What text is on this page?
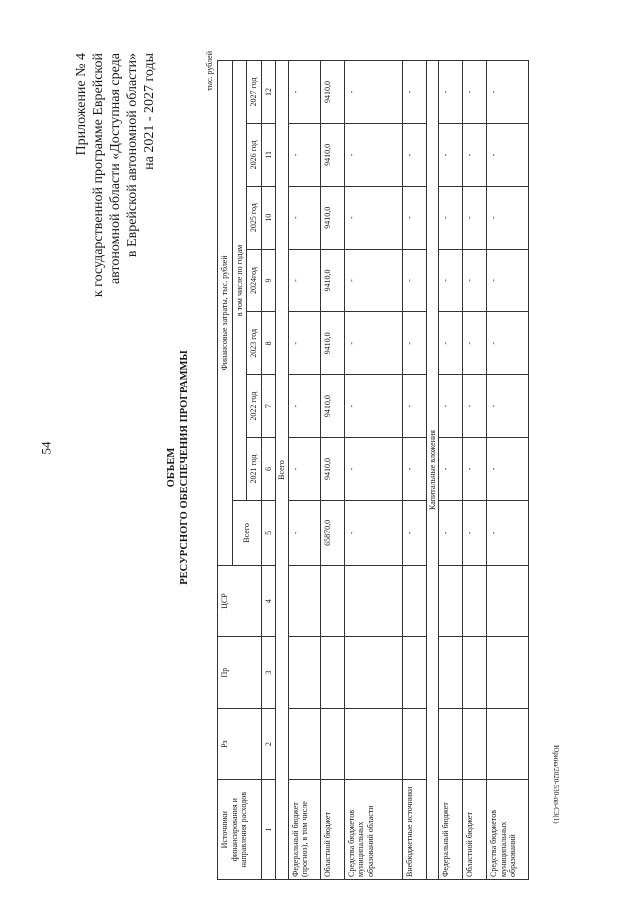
54
Юрина/2020-530-пп-С3(1)
Приложение № 4 к государственной программе Еврейской автономной области «Доступная среда в Еврейской автономной области» на 2021 - 2027 годы
ОБЪЕМ РЕСУРСНОГО ОБЕСПЕЧЕНИЯ ПРОГРАММЫ
тыс. рублей
Источники финансирования и направления расходов	Рз	Пр	ЦСР	Финансовые затраты, тыс. рублей							
				Всего	в том числе по годам						
					2021 год	2022 год	2023 год	2024год	2025 год	2026 год	2027 год
1	2	3	4	5	6	7	8	9	10	11	12
Всего											
Федеральный бюджет (прогноз), в том числе				-	-	-	-	-	-	-	-
Областной бюджет				65870,0	9410,0	9410,0	9410,0	9410,0	9410,0	9410,0	9410,0
Средства бюджетов муниципальных образований области				-	-	-	-	-	-	-	-
Внебюджетные источники				-	-	-	-	-	-	-	-
Капитальные вложения											
Федеральный бюджет				-	-	-	-	-	-	-	-
Областной бюджет				-	-	-	-	-	-	-	-
Средства бюджетов муниципальных образований				-	-	-	-	-	-	-	-
